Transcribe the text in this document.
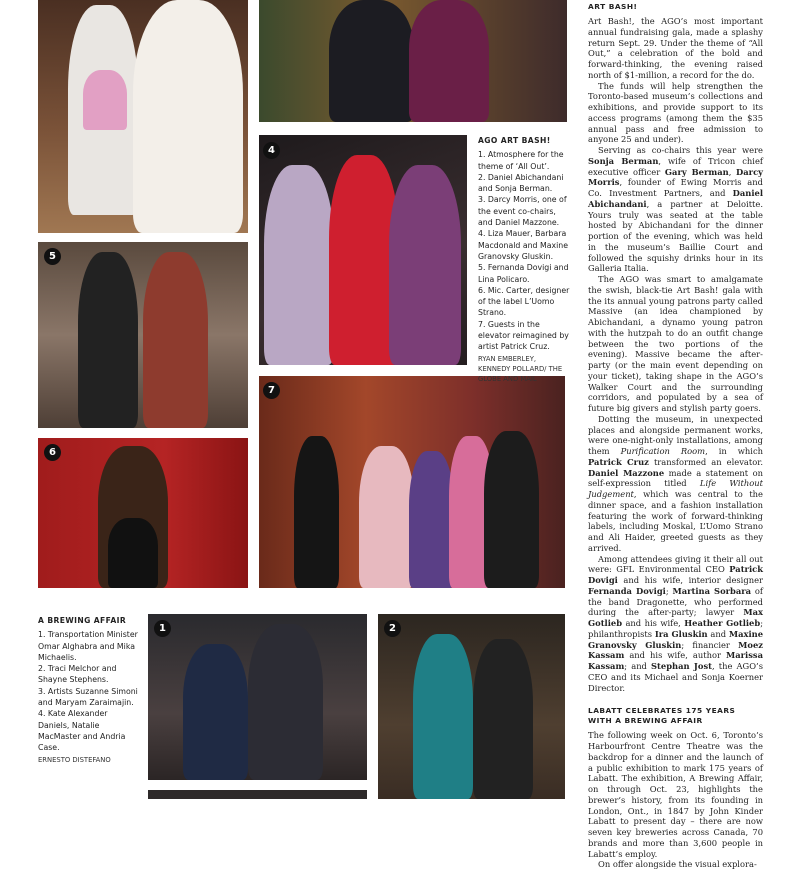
4
5
6
7
1	2
AGO ART BASH!
1. Atmosphere for the theme of ‘All Out’.
2. Daniel Abichandani and Sonja Berman.
3. Darcy Morris, one of the event co-chairs, and Daniel Mazzone.
4. Liza Mauer, Barbara Macdonald and Maxine Granovsky Gluskin.
5. Fernanda Dovigi and Lina Policaro.
6. Mic. Carter, designer of the label L’Uomo Strano.
7. Guests in the elevator reimagined by artist Patrick Cruz.
RYAN EMBERLEY, KENNEDY POLLARD/ THE GLOBE AND MAIL
A BREWING AFFAIR
1. Transportation Minister Omar Alghabra and Mika Michaelis.
2. Traci Melchor and Shayne Stephens.
3. Artists Suzanne Simoni and Maryam Zaraimajin.
4. Kate Alexander Daniels, Natalie MacMaster and Andria Case.
ERNESTO DISTEFANO
ART BASH!

Art Bash!, the AGO’s most important annual fundraising gala, made a splashy return Sept. 29. Under the theme of “All Out,” a celebration of the bold and forward-thinking, the evening raised north of $1-million, a record for the do.

The funds will help strengthen the Toronto-based museum’s collections and exhibitions, and provide support to its access programs (among them the $35 annual pass and free admission to anyone 25 and under).

Serving as co-chairs this year were Sonja Berman, wife of Tricon chief executive officer Gary Berman, Darcy Morris, founder of Ewing Morris and Co. Investment Partners, and Daniel Abichandani, a partner at Deloitte. Yours truly was seated at the table hosted by Abichandani for the dinner portion of the evening, which was held in the museum’s Baillie Court and followed the squishy drinks hour in its Galleria Italia.

The AGO was smart to amalgamate the swish, black-tie Art Bash! gala with the its annual young patrons party called Massive (an idea championed by Abichandani, a dynamo young patron with the hutzpah to do an outfit change between the two portions of the evening). Massive became the after-party (or the main event depending on your ticket), taking shape in the AGO’s Walker Court and the surrounding corridors, and populated by a sea of future big givers and stylish party goers.

Dotting the museum, in unexpected places and alongside permanent works, were one-night-only installations, among them Purification Room, in which Patrick Cruz transformed an elevator. Daniel Mazzone made a statement on self-expression titled Life Without Judgement, which was central to the dinner space, and a fashion installation featuring the work of forward-thinking labels, including Moskal, L’Uomo Strano and Ali Haider, greeted guests as they arrived.

Among attendees giving it their all out were: GFL Environmental CEO Patrick Dovigi and his wife, interior designer Fernanda Dovigi; Martina Sorbara of the band Dragonette, who performed during the after-party; lawyer Max Gotlieb and his wife, Heather Gotlieb; philanthropists Ira Gluskin and Maxine Granovsky Gluskin; financier Moez Kassam and his wife, author Marissa Kassam; and Stephan Jost, the AGO’s CEO and its Michael and Sonja Koerner Director.

LABATT CELEBRATES 175 YEARS
WITH A BREWING AFFAIR

The following week on Oct. 6, Toronto’s Harbourfront Centre Theatre was the backdrop for a dinner and the launch of a public exhibition to mark 175 years of Labatt. The exhibition, A Brewing Affair, on through Oct. 23, highlights the brewer’s history, from its founding in London, Ont., in 1847 by John Kinder Labatt to present day – there are now seven key breweries across Canada, 70 brands and more than 3,600 people in Labatt’s employ.

On offer alongside the visual explora-
